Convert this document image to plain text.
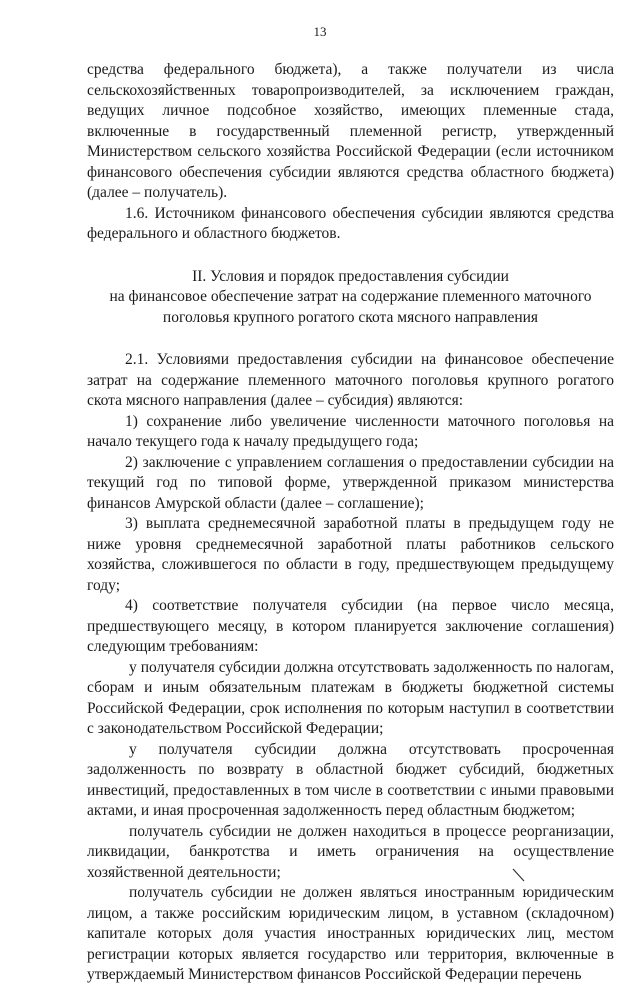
13

средства федерального бюджета), а также получатели из числа сельскохозяйственных товаропроизводителей, за исключением граждан, ведущих личное подсобное хозяйство, имеющих племенные стада, включенные в государственный племенной регистр, утвержденный Министерством сельского хозяйства Российской Федерации (если источником финансового обеспечения субсидии являются средства областного бюджета) (далее – получатель).

1.6. Источником финансового обеспечения субсидии являются средства федерального и областного бюджетов.

II. Условия и порядок предоставления субсидии
на финансовое обеспечение затрат на содержание племенного маточного
поголовья крупного рогатого скота мясного направления

2.1. Условиями предоставления субсидии на финансовое обеспечение затрат на содержание племенного маточного поголовья крупного рогатого скота мясного направления (далее – субсидия) являются:

1) сохранение либо увеличение численности маточного поголовья на начало текущего года к началу предыдущего года;

2) заключение с управлением соглашения о предоставлении субсидии на текущий год по типовой форме, утвержденной приказом министерства финансов Амурской области (далее – соглашение);

3) выплата среднемесячной заработной платы в предыдущем году не ниже уровня среднемесячной заработной платы работников сельского хозяйства, сложившегося по области в году, предшествующем предыдущему году;

4) соответствие получателя субсидии (на первое число месяца, предшествующего месяцу, в котором планируется заключение соглашения) следующим требованиям:

у получателя субсидии должна отсутствовать задолженность по налогам, сборам и иным обязательным платежам в бюджеты бюджетной системы Российской Федерации, срок исполнения по которым наступил в соответствии с законодательством Российской Федерации;

у получателя субсидии должна отсутствовать просроченная задолженность по возврату в областной бюджет субсидий, бюджетных инвестиций, предоставленных в том числе в соответствии с иными правовыми актами, и иная просроченная задолженность перед областным бюджетом;

получатель субсидии не должен находиться в процессе реорганизации, ликвидации, банкротства и иметь ограничения на осуществление хозяйственной деятельности;

получатель субсидии не должен являться иностранным юридическим лицом, а также российским юридическим лицом, в уставном (складочном) капитале которых доля участия иностранных юридических лиц, местом регистрации которых является государство или территория, включенные в утверждаемый Министерством финансов Российской Федерации перечень
